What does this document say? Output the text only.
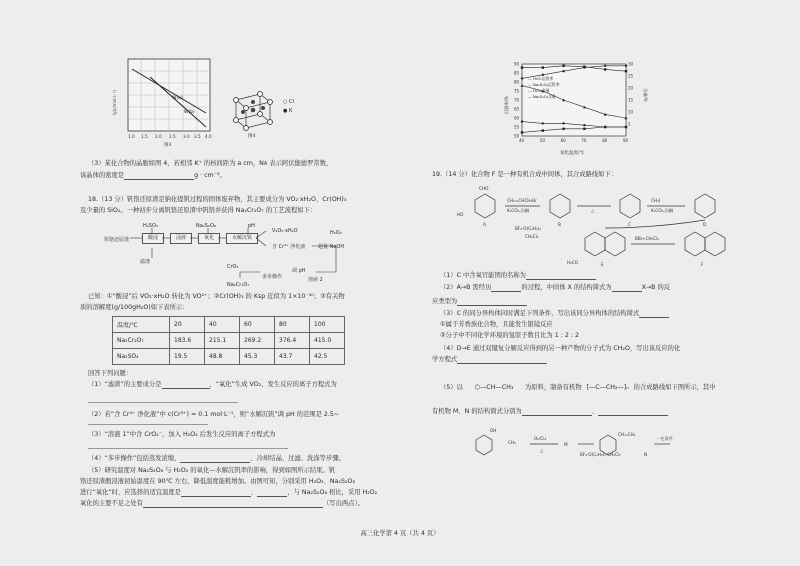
W(a)
W(b)
1.0 1.5 2.0 2.5 3.0 3.5 4.0
图3
lg(c/mol·L⁻¹)
图4
○ Cl
● K
（3）某化合物的晶胞如图 4，若相邻 K⁺ 的核间距为 a cm，NA 表示阿伏伽德罗常数，
该晶体的密度是	g · cm⁻³。
18.（13 分）钒铬还原渣是钠化提钒过程的固体废弃物，其主要成分为 VO₂·xH₂O、Cr(OH)₃
及少量的 SiO₂。一种初步分离钒铬还原渣中钒铬并获得 Na₂Cr₂O₇ 的工艺流程如下：
H₂SO₄	Na₂S₂O₈	pH
钒铬还原渣	酸浸	浸液	氧化	水解沉钒
V₂O₅·xH₂O
含 Cr³⁺ 净化液
H₂O₂
超量 NaOH
调 pH
溶液 2
CrO₃
Na₂Cr₂O₇
多步操作
滤渣
已知：①“酸浸”后 VO₂·xH₂O 转化为 VO²⁺；②Cr(OH)₃ 的 Ksp 近似为 1×10⁻³⁰；③有关物
质的溶解度(g/100gH₂O)如下表所示：
温度/℃	20	40	60	80	100
Na₂Cr₂O₇	183.6	215.1	269.2	376.4	415.0
Na₂SO₄	19.5	48.8	45.3	43.7	42.5
回答下列问题：
（1）“滤渣”的主要成分是	，“氧化”生成 VO₂，发生反应的离子方程式为
（2）若“含 Cr³⁺ 净化液”中 c(Cr³⁺) = 0.1 mol·L⁻¹，则“水解沉钒”调 pH 的范围是 2.5~
（3）“溶液 1”中含 CrO₂⁻，加入 H₂O₂ 后发生反应的离子方程式为
（4）“多步操作”包括蒸发浓缩、	、冷却结晶、过滤、洗涤等步骤。
（5）研究温度对 Na₂S₂O₈ 与 H₂O₂ 的氧化—水解沉钒率的影响，得到如图所示结果。钒
铬还原渣酸浸液初始温度在 90℃ 左右，降低温度能耗增加。由图可知，分别采用 H₂O₂、Na₂S₂O₈
进行“氧化”时，应选择的适宜温度是	、	，与 Na₂S₂O₈ 相比，采用 H₂O₂
氧化的主要不足之处有	（写出两点）。
90
85
80
75
70
65
60
55
50
30
25
20
15
10
5
40	50	60	70	80	90
— H₂O₂沉钒率
— Na₂S₂O₈沉钒率
— H₂O₂含量
— Na₂S₂O₈含量
氧化温度/℃
沉钒率/%
含量/%
19.（14 分）化合物 F 是一种有机合成中间体，其合成路线如下：
CH₂=CHCH₂Br
K₂CO₃,丙酮	△
CH₃I
K₂CO₃,丙酮
BF₃·O(C₂H₅)₂
CH₂Cl₂	BBr₃·CH₂Cl₂
A	B	C	D
E	F
CHO
HO
H₃CO
（1）C 中含氧官能团的名称为
（2）A→B 需经历	的过程，中间体 X 的结构简式为	X→B 的反
应类型为
（3）C 的同分异构体同时满足下列条件，写出该同分异构体的结构简式
①属于芳香族化合物，且能发生银镜反应
②分子中不同化学环境的氢原子数目比为 1 : 2 : 2
（4）D→E 通过双键复分解反应得到的另一种产物的分子式为 CH₂O，写出该反应的化
学方程式
（5）以 ⬡—CH—CH₃ 为原料，制备有机物 [—C—CH₂—]ₙ 的合成路线如下图所示，其中
有机物 M、N 的结构简式分别为	、
OH
CH₃
O₂/Cu
△
M
CH=CH₂
BF₃·O(C₂H₅)₂·CH₂Cl₂	N
一定条件
高三化学第 4 页（共 4 页）
